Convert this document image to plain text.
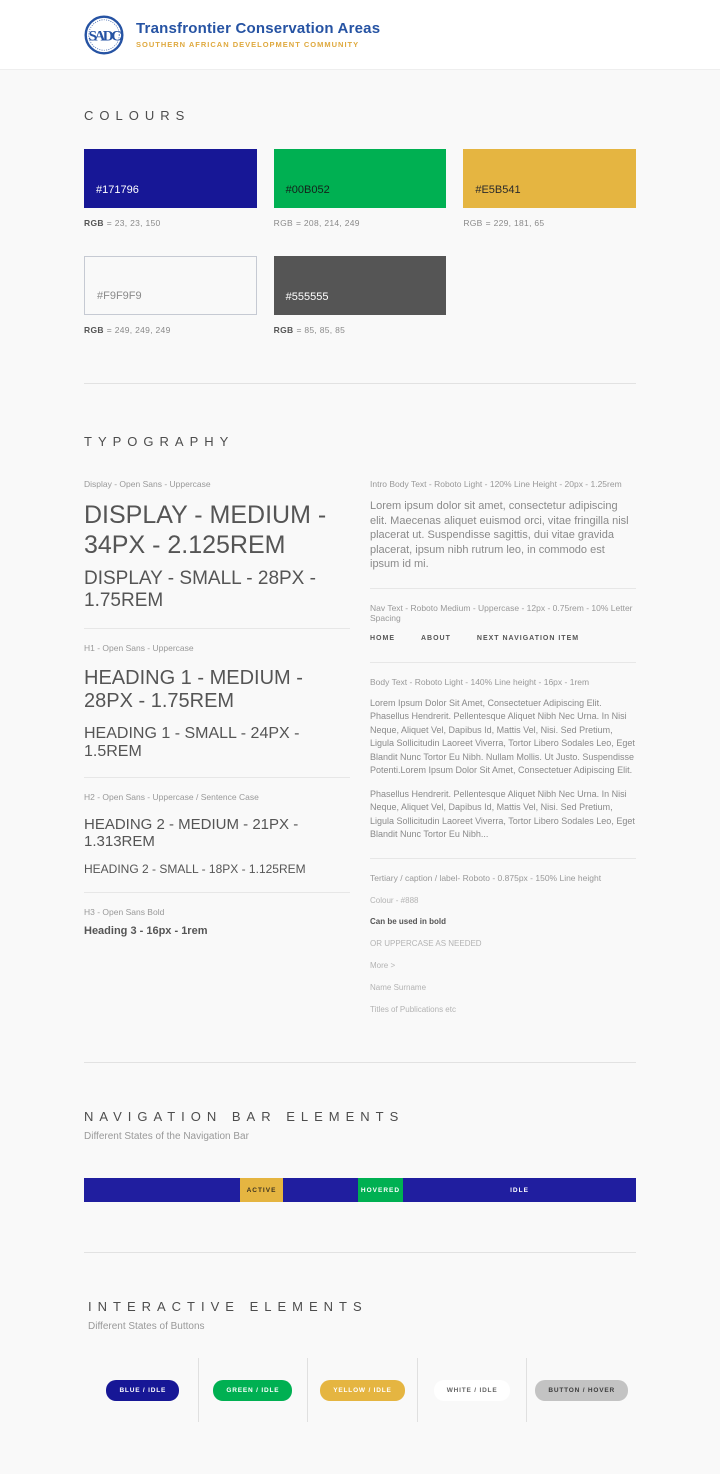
SADC Transfrontier Conservation Areas
SOUTHERN AFRICAN DEVELOPMENT COMMUNITY
COLOURS
#171796
RGB = 23, 23, 150
#00B052
RGB = 208, 214, 249
#E5B541
RGB = 229, 181, 65
#F9F9F9
RGB = 249, 249, 249
#555555
RGB = 85, 85, 85
TYPOGRAPHY
Display - Open Sans - Uppercase
DISPLAY - MEDIUM - 34PX - 2.125REM
DISPLAY - SMALL - 28PX - 1.75REM
H1 - Open Sans - Uppercase
HEADING 1 - MEDIUM - 28PX - 1.75REM
HEADING 1 - SMALL - 24PX - 1.5REM
H2 - Open Sans - Uppercase / Sentence Case
HEADING 2 - MEDIUM - 21PX - 1.313REM
HEADING 2 - SMALL - 18PX - 1.125REM
H3 - Open Sans Bold
Heading 3 - 16px - 1rem
Intro Body Text - Roboto Light - 120% Line Height - 20px - 1.25rem
Lorem ipsum dolor sit amet, consectetur adipiscing elit. Maecenas aliquet euismod orci, vitae fringilla nisl placerat ut. Suspendisse sagittis, dui vitae gravida placerat, ipsum nibh rutrum leo, in commodo est ipsum id mi.
Nav Text - Roboto Medium - Uppercase - 12px - 0.75rem - 10% Letter Spacing
HOME	ABOUT	NEXT NAVIGATION ITEM
Body Text - Roboto Light - 140% Line height - 16px - 1rem
Lorem Ipsum Dolor Sit Amet, Consectetuer Adipiscing Elit. Phasellus Hendrerit. Pellentesque Aliquet Nibh Nec Urna. In Nisi Neque, Aliquet Vel, Dapibus Id, Mattis Vel, Nisi. Sed Pretium, Ligula Sollicitudin Laoreet Viverra, Tortor Libero Sodales Leo, Eget Blandit Nunc Tortor Eu Nibh. Nullam Mollis. Ut Justo. Suspendisse Potenti.Lorem Ipsum Dolor Sit Amet, Consectetuer Adipiscing Elit.
Phasellus Hendrerit. Pellentesque Aliquet Nibh Nec Urna. In Nisi Neque, Aliquet Vel, Dapibus Id, Mattis Vel, Nisi. Sed Pretium, Ligula Sollicitudin Laoreet Viverra, Tortor Libero Sodales Leo, Eget Blandit Nunc Tortor Eu Nibh...
Tertiary / caption / label- Roboto - 0.875px - 150% Line height
Colour - #888
Can be used in bold
OR UPPERCASE AS NEEDED
More >
Name Surname
Titles of Publications etc
NAVIGATION BAR ELEMENTS
Different States of the Navigation Bar
ACTIVE	HOVERED	IDLE
INTERACTIVE ELEMENTS
Different States of Buttons
BLUE / IDLE	GREEN / IDLE	YELLOW / IDLE	WHITE / IDLE	BUTTON / HOVER
